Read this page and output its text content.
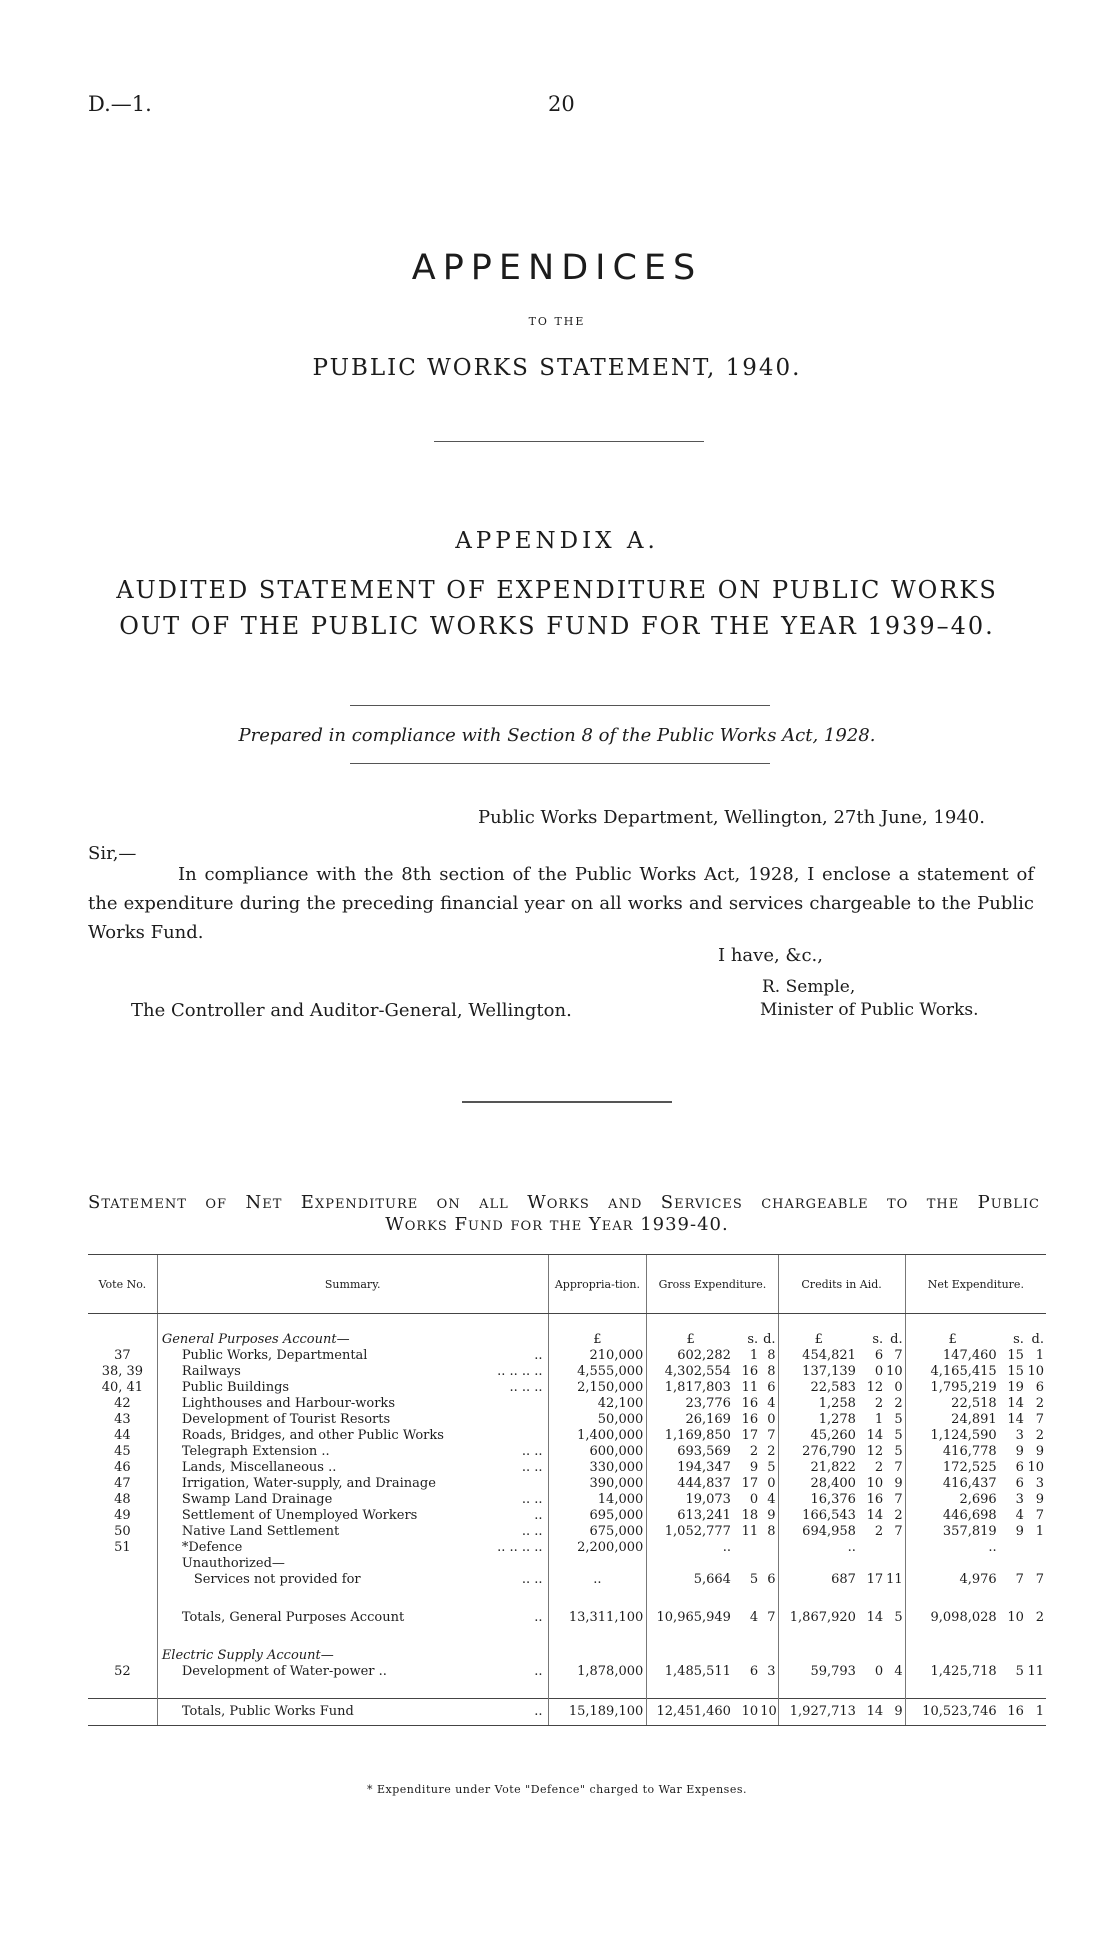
D.—1.	20
APPENDICES
TO THE
PUBLIC WORKS STATEMENT, 1940.
APPENDIX A.
AUDITED STATEMENT OF EXPENDITURE ON PUBLIC WORKS
OUT OF THE PUBLIC WORKS FUND FOR THE YEAR 1939–40.
Prepared in compliance with Section 8 of the Public Works Act, 1928.
Public Works Department, Wellington, 27th June, 1940.
Sir,—
In compliance with the 8th section of the Public Works Act, 1928, I enclose a statement of the expenditure during the preceding financial year on all works and services chargeable to the Public Works Fund.
I have, &c.,
R. Semple,
Minister of Public Works.
The Controller and Auditor-General, Wellington.
Statement of Net Expenditure on all Works and Services chargeable to the Public
Works Fund for the Year 1939-40.
Vote No.	Summary.	Appropria-tion.	Gross Expenditure.			Credits in Aid.			Net Expenditure.		

	General Purposes Account—	£	£	s.	d.	£	s.	d.	£	s.	d.
37	Public Works, Departmental ..	210,000	602,282	1	8	454,821	6	7	147,460	15	1
38, 39	Railways .. .. .. ..	4,555,000	4,302,554	16	8	137,139	0	10	4,165,415	15	10
40, 41	Public Buildings .. .. ..	2,150,000	1,817,803	11	6	22,583	12	0	1,795,219	19	6
42	Lighthouses and Harbour-works	42,100	23,776	16	4	1,258	2	2	22,518	14	2
43	Development of Tourist Resorts	50,000	26,169	16	0	1,278	1	5	24,891	14	7
44	Roads, Bridges, and other Public Works	1,400,000	1,169,850	17	7	45,260	14	5	1,124,590	3	2
45	Telegraph Extension .. .. ..	600,000	693,569	2	2	276,790	12	5	416,778	9	9
46	Lands, Miscellaneous .. .. ..	330,000	194,347	9	5	21,822	2	7	172,525	6	10
47	Irrigation, Water-supply, and Drainage	390,000	444,837	17	0	28,400	10	9	416,437	6	3
48	Swamp Land Drainage .. ..	14,000	19,073	0	4	16,376	16	7	2,696	3	9
49	Settlement of Unemployed Workers ..	695,000	613,241	18	9	166,543	14	2	446,698	4	7
50	Native Land Settlement .. ..	675,000	1,052,777	11	8	694,958	2	7	357,819	9	1
51	*Defence .. .. .. ..	2,200,000	..			..			..		
	Unauthorized—										
	Services not provided for .. ..	..	5,664	5	6	687	17	11	4,976	7	7

	Totals, General Purposes Account ..	13,311,100	10,965,949	4	7	1,867,920	14	5	9,098,028	10	2

	Electric Supply Account—										
52	Development of Water-power .. ..	1,878,000	1,485,511	6	3	59,793	0	4	1,425,718	5	11

	Totals, Public Works Fund ..	15,189,100	12,451,460	10	10	1,927,713	14	9	10,523,746	16	1
* Expenditure under Vote "Defence" charged to War Expenses.
